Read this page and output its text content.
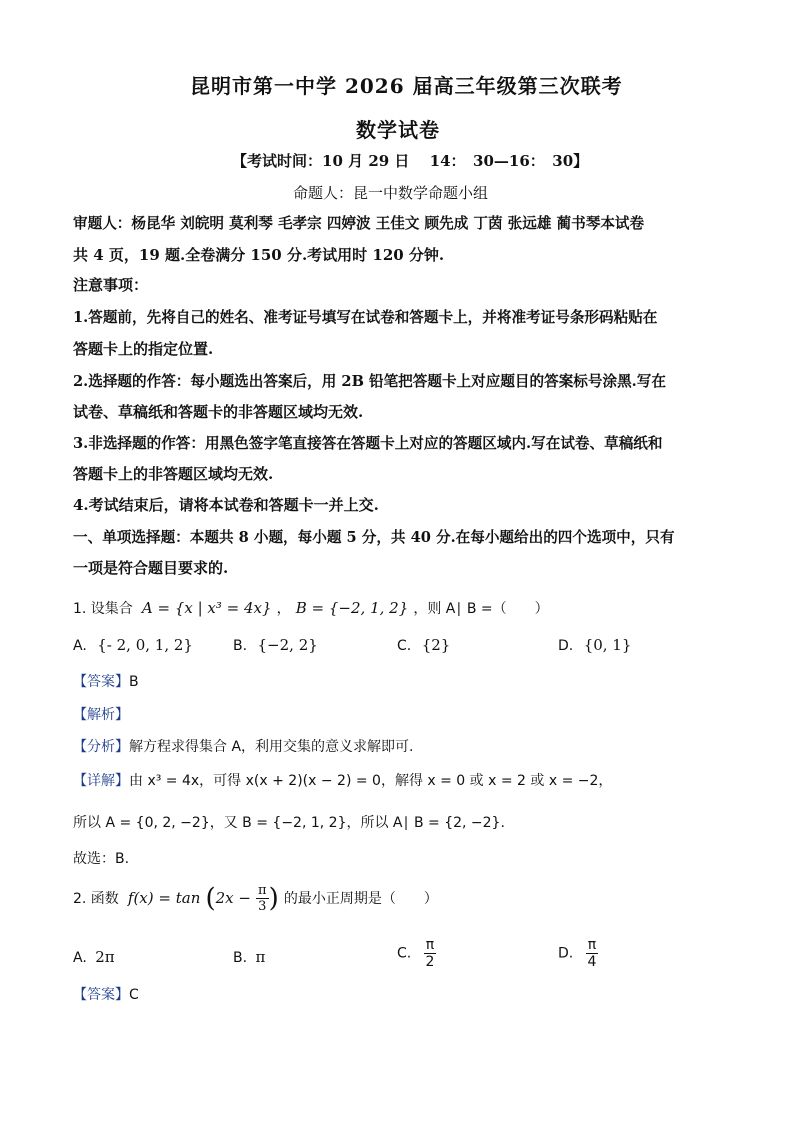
昆明市第一中学 2026 届高三年级第三次联考
数学试卷
【考试时间：10 月 29 日　 14：　30—16：　30】
命题人：昆一中数学命题小组
审题人：杨昆华 刘皖明 莫利琴 毛孝宗 四婷波 王佳文 顾先成 丁茵 张远雄 蔺书琴本试卷
共 4 页，19 题.全卷满分 150 分.考试用时 120 分钟.
注意事项：
1.答题前，先将自己的姓名、准考证号填写在试卷和答题卡上，并将准考证号条形码粘贴在
答题卡上的指定位置.
2.选择题的作答：每小题选出答案后，用 2B 铅笔把答题卡上对应题目的答案标号涂黑.写在
试卷、草稿纸和答题卡的非答题区域均无效.
3.非选择题的作答：用黑色签字笔直接答在答题卡上对应的答题区域内.写在试卷、草稿纸和
答题卡上的非答题区域均无效.
4.考试结束后，请将本试卷和答题卡一并上交.
一、单项选择题：本题共 8 小题，每小题 5 分，共 40 分.在每小题给出的四个选项中，只有
一项是符合题目要求的.
1. 设集合 A = {x | x³ = 4x} ， B = {−2, 1, 2} ，则 A∣ B =（　　）
A. {- 2, 0, 1, 2}	B. {−2, 2}	C. {2}	D. {0, 1}
【答案】B
【解析】
【分析】解方程求得集合 A，利用交集的意义求解即可.
【详解】由 x³ = 4x，可得 x(x + 2)(x − 2) = 0，解得 x = 0 或 x = 2 或 x = −2，
所以 A = {0, 2, −2}，又 B = {−2, 1, 2}，所以 A∣ B = {2, −2}.
故选：B.
2. 函数 $f(x) = \tan (2x - \frac{\pi}{3}$ ) 的最小正周期是（　　）
A. 2π	B. π	C. $\frac{\pi}{2}$	D. $\frac{\pi}{4}$
【答案】C
